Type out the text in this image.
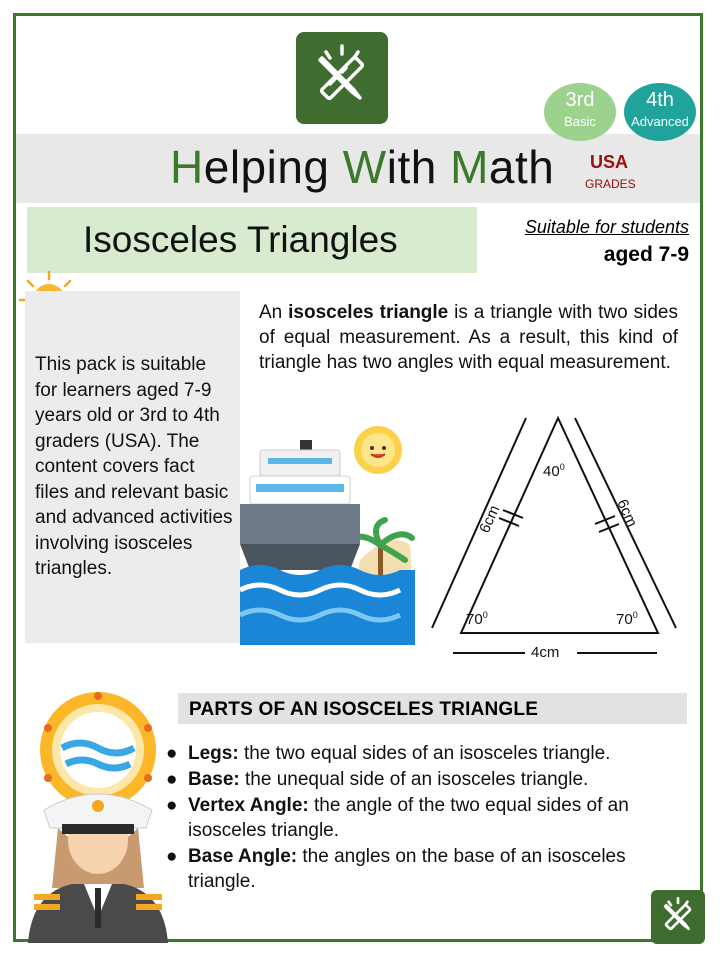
Helping With Math
3rd
Basic
4th
Advanced
USA
GRADES
Isosceles Triangles	Suitable for students
aged 7-9
This pack is suitable for learners aged 7-9 years old or 3rd to 4th graders (USA). The content covers fact files and relevant basic and advanced activities involving isosceles triangles.
An isosceles triangle is a triangle with two sides of equal measurement. As a result, this kind of triangle has two angles with equal measurement.
$40^0$
$70^0$	$70^0$
4cm
6cm	6cm
PARTS OF AN ISOSCELES TRIANGLE
● Legs: the two equal sides of an isosceles triangle.
● Base: the unequal side of an isosceles triangle.
● Vertex Angle: the angle of the two equal sides of an isosceles triangle.
● Base Angle: the angles on the base of an isosceles triangle.
